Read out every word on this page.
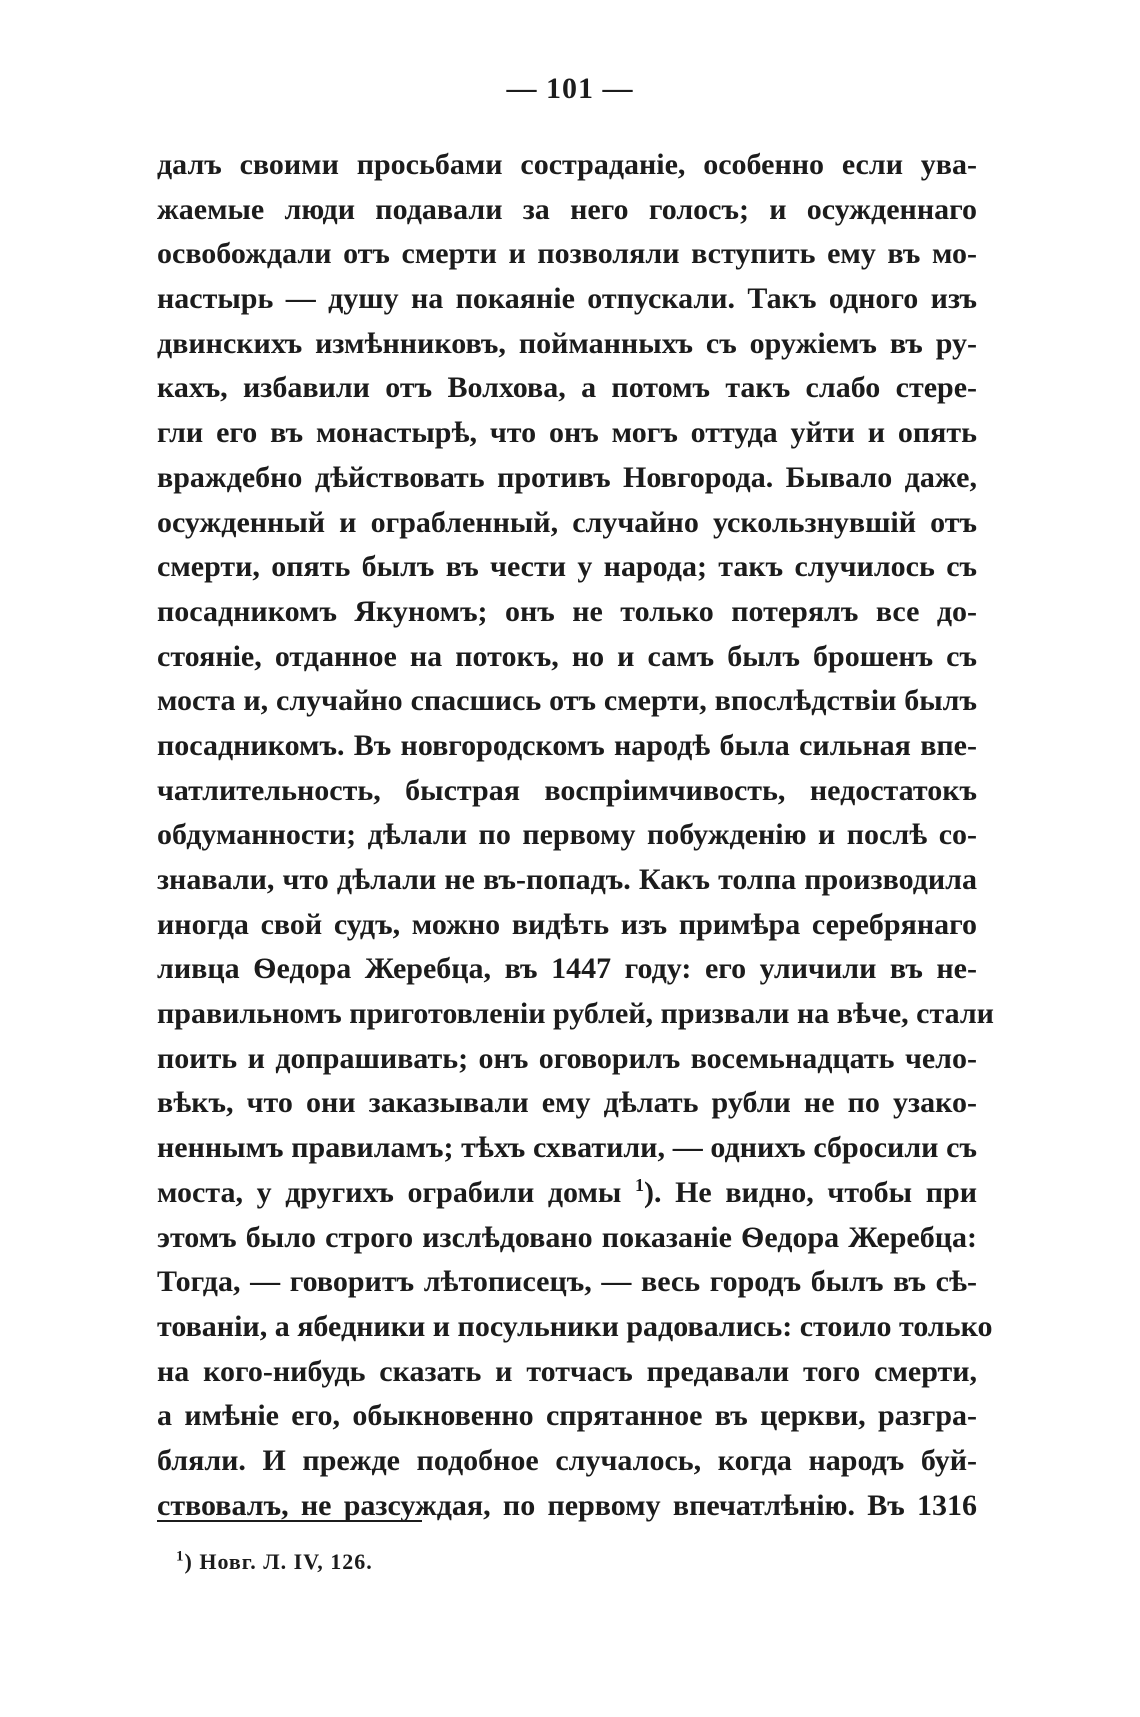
— 101 —
далъ своими просьбами состраданіе, особенно если ува-
жаемые люди подавали за него голосъ; и осужденнаго
освобождали отъ смерти и позволяли вступить ему въ мо-
настырь — душу на покаяніе отпускали. Такъ одного изъ
двинскихъ измѣнниковъ, пойманныхъ съ оружіемъ въ ру-
кахъ, избавили отъ Волхова, а потомъ такъ слабо стере-
гли его въ монастырѣ, что онъ могъ оттуда уйти и опять
враждебно дѣйствовать противъ Новгорода. Бывало даже,
осужденный и ограбленный, случайно ускользнувшій отъ
смерти, опять былъ въ чести у народа; такъ случилось съ
посадникомъ Якуномъ; онъ не только потерялъ все до-
стояніе, отданное на потокъ, но и самъ былъ брошенъ съ
моста и, случайно спасшись отъ смерти, впослѣдствіи былъ
посадникомъ. Въ новгородскомъ народѣ была сильная впе-
чатлительность, быстрая воспріимчивость, недостатокъ
обдуманности; дѣлали по первому побужденію и послѣ со-
знавали, что дѣлали не въ-попадъ. Какъ толпа производила
иногда свой судъ, можно видѣть изъ примѣра серебрянаго
ливца Ѳедора Жеребца, въ 1447 году: его уличили въ не-
правильномъ приготовленіи рублей, призвали на вѣче, стали
поить и допрашивать; онъ оговорилъ восемьнадцать чело-
вѣкъ, что они заказывали ему дѣлать рубли не по узако-
неннымъ правиламъ; тѣхъ схватили, — однихъ сбросили съ
моста, у другихъ ограбили домы $^1$). Не видно, чтобы при
этомъ было строго изслѣдовано показаніе Ѳедора Жеребца:
Тогда, — говоритъ лѣтописецъ, — весь городъ былъ въ сѣ-
тованіи, а ябедники и посульники радовались: стоило только
на кого-нибудь сказать и тотчасъ предавали того смерти,
а имѣніе его, обыкновенно спрятанное въ церкви, разгра-
бляли. И прежде подобное случалось, когда народъ буй-
ствовалъ, не разсуждая, по первому впечатлѣнію. Въ 1316
$^1$) Новг. Л. IV, 126.
